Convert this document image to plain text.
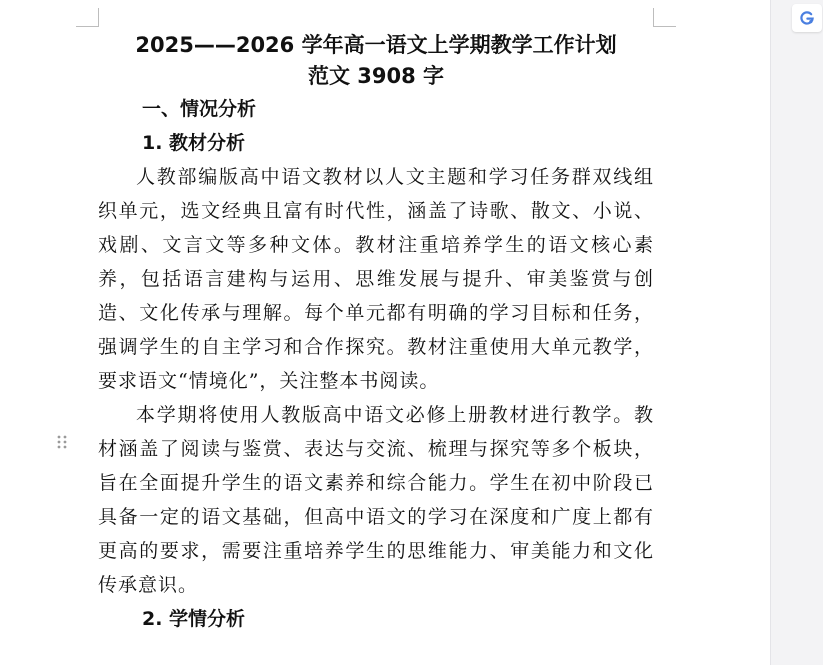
2025——2026 学年高一语文上学期教学工作计划

范文 3908 字

一、情况分析

1. 教材分析

人教部编版高中语文教材以人文主题和学习任务群双线组织单元，选文经典且富有时代性，涵盖了诗歌、散文、小说、戏剧、文言文等多种文体。教材注重培养学生的语文核心素养，包括语言建构与运用、思维发展与提升、审美鉴赏与创造、文化传承与理解。每个单元都有明确的学习目标和任务，强调学生的自主学习和合作探究。教材注重使用大单元教学，要求语文“情境化”，关注整本书阅读。

本学期将使用人教版高中语文必修上册教材进行教学。教材涵盖了阅读与鉴赏、表达与交流、梳理与探究等多个板块，旨在全面提升学生的语文素养和综合能力。学生在初中阶段已具备一定的语文基础，但高中语文的学习在深度和广度上都有更高的要求，需要注重培养学生的思维能力、审美能力和文化传承意识。

2. 学情分析
